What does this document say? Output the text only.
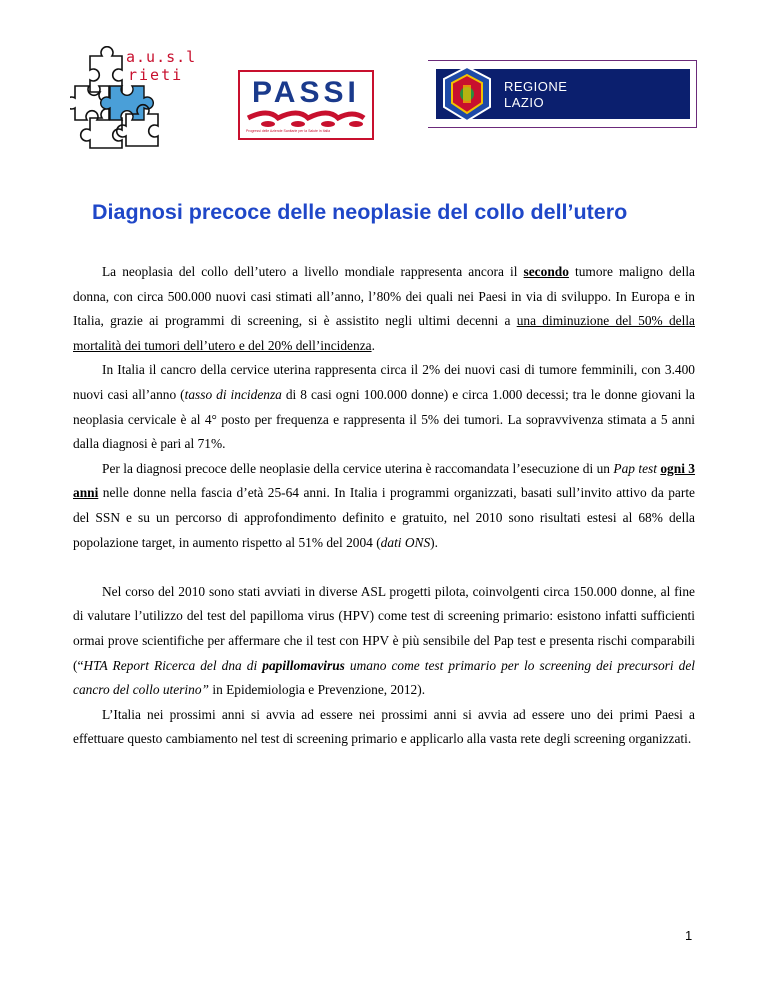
a.u.s.l
rieti
PASSI
Progressi delle Aziende Sanitarie per la Salute in Italia
REGIONE
LAZIO
Diagnosi precoce delle neoplasie del collo dell’utero

La neoplasia del collo dell’utero a livello mondiale rappresenta ancora il secondo tumore maligno della donna, con circa 500.000 nuovi casi stimati all’anno, l’80% dei quali nei Paesi in via di sviluppo. In Europa e in Italia, grazie ai programmi di screening, si è assistito negli ultimi decenni a una diminuzione del 50% della mortalità dei tumori dell’utero e del 20% dell’incidenza.

In Italia il cancro della cervice uterina rappresenta circa il 2% dei nuovi casi di tumore femminili, con 3.400 nuovi casi all’anno (tasso di incidenza di 8 casi ogni 100.000 donne) e circa 1.000 decessi; tra le donne giovani la neoplasia cervicale è al 4° posto per frequenza e rappresenta il 5% dei tumori. La sopravvivenza stimata a 5 anni dalla diagnosi è pari al 71%.

Per la diagnosi precoce delle neoplasie della cervice uterina è raccomandata l’esecuzione di un Pap test ogni 3 anni nelle donne nella fascia d’età 25-64 anni. In Italia i programmi organizzati, basati sull’invito attivo da parte del SSN e su un percorso di approfondimento definito e gratuito, nel 2010 sono risultati estesi al 68% della popolazione target, in aumento rispetto al 51% del 2004 (dati ONS).

Nel corso del 2010 sono stati avviati in diverse ASL progetti pilota, coinvolgenti circa 150.000 donne, al fine di valutare l’utilizzo del test del papilloma virus (HPV) come test di screening primario: esistono infatti sufficienti ormai prove scientifiche per affermare che il test con HPV è più sensibile del Pap test e presenta rischi comparabili (“HTA Report Ricerca del dna di papillomavirus umano come test primario per lo screening dei precursori del cancro del collo uterino” in Epidemiologia e Prevenzione, 2012).

L’Italia nei prossimi anni si avvia ad essere nei prossimi anni si avvia ad essere uno dei primi Paesi a effettuare questo cambiamento nel test di screening primario e applicarlo alla vasta rete degli screening organizzati.

1
